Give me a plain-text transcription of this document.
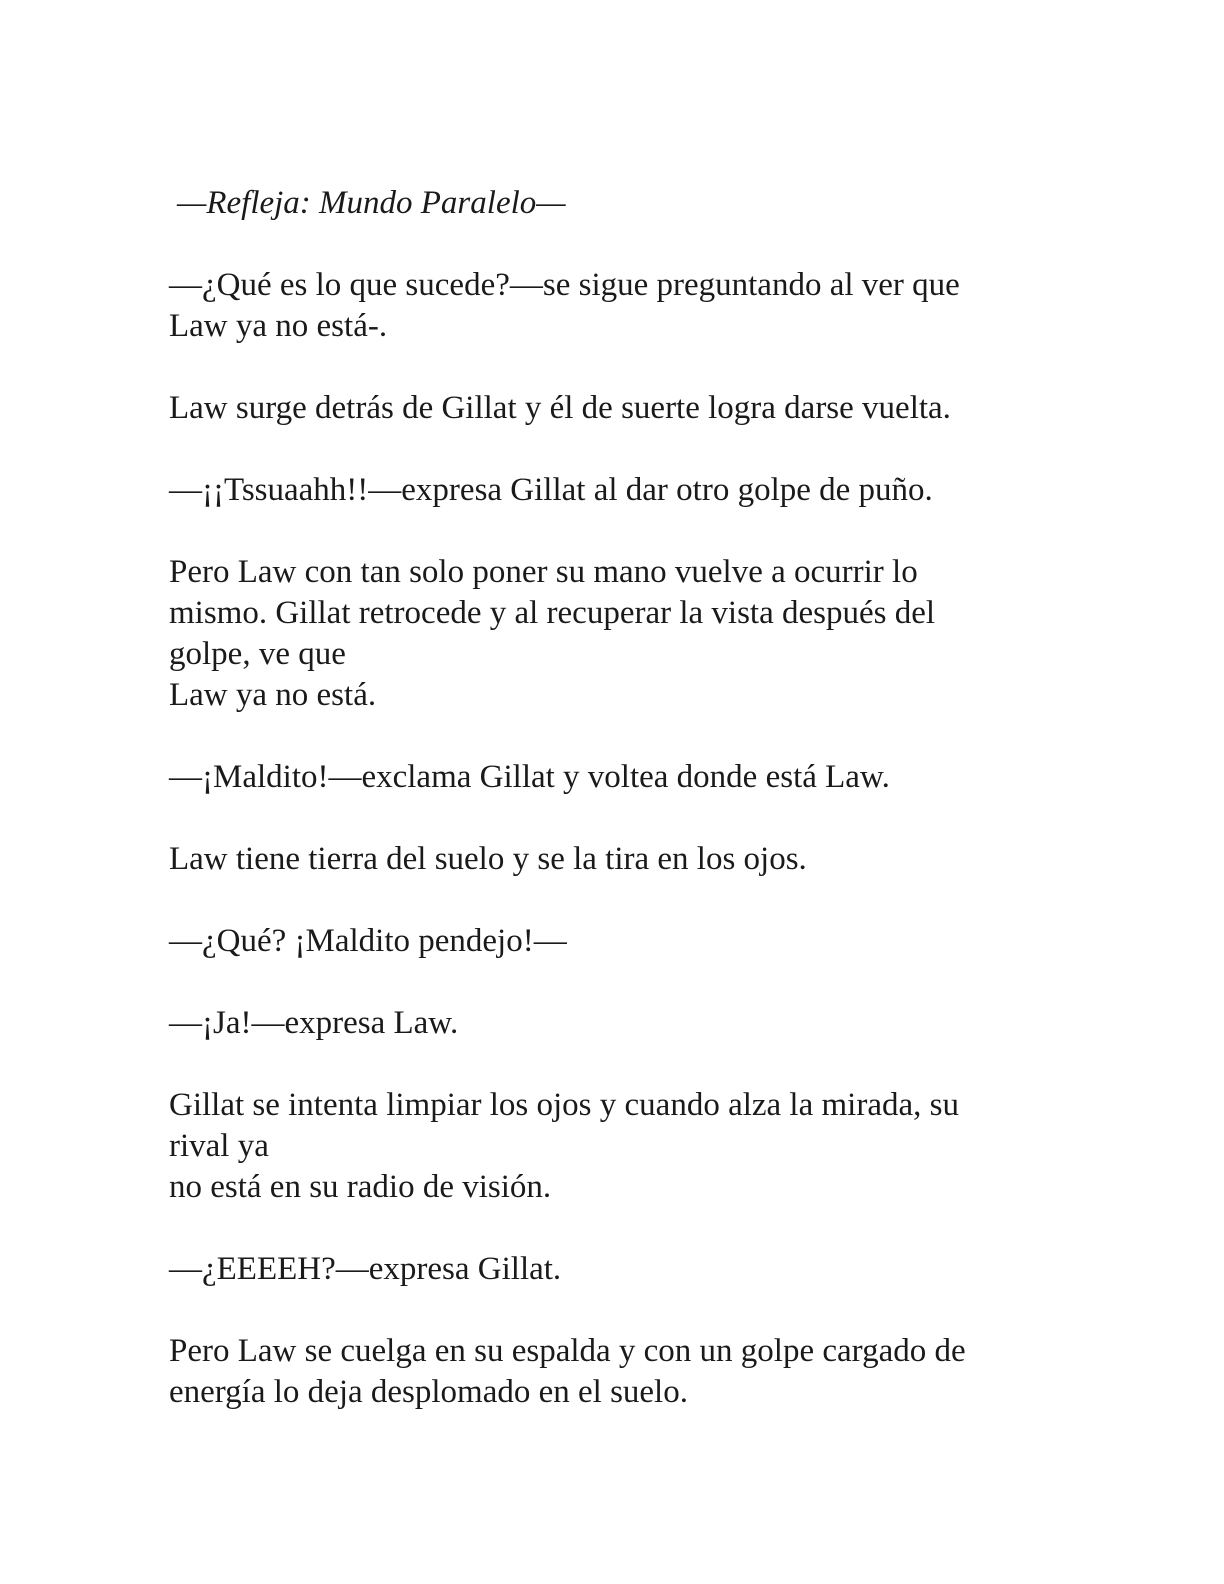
—Refleja: Mundo Paralelo—
—¿Qué es lo que sucede?—se sigue preguntando al ver que
Law ya no está-.
Law surge detrás de Gillat y él de suerte logra darse vuelta.
—¡¡Tssuaahh!!—expresa Gillat al dar otro golpe de puño.
Pero Law con tan solo poner su mano vuelve a ocurrir lo
mismo. Gillat retrocede y al recuperar la vista después del
golpe, ve que
Law ya no está.
—¡Maldito!—exclama Gillat y voltea donde está Law.
Law tiene tierra del suelo y se la tira en los ojos.
—¿Qué? ¡Maldito pendejo!—
—¡Ja!—expresa Law.
Gillat se intenta limpiar los ojos y cuando alza la mirada, su
rival ya
no está en su radio de visión.
—¿EEEEH?—expresa Gillat.
Pero Law se cuelga en su espalda y con un golpe cargado de
energía lo deja desplomado en el suelo.
